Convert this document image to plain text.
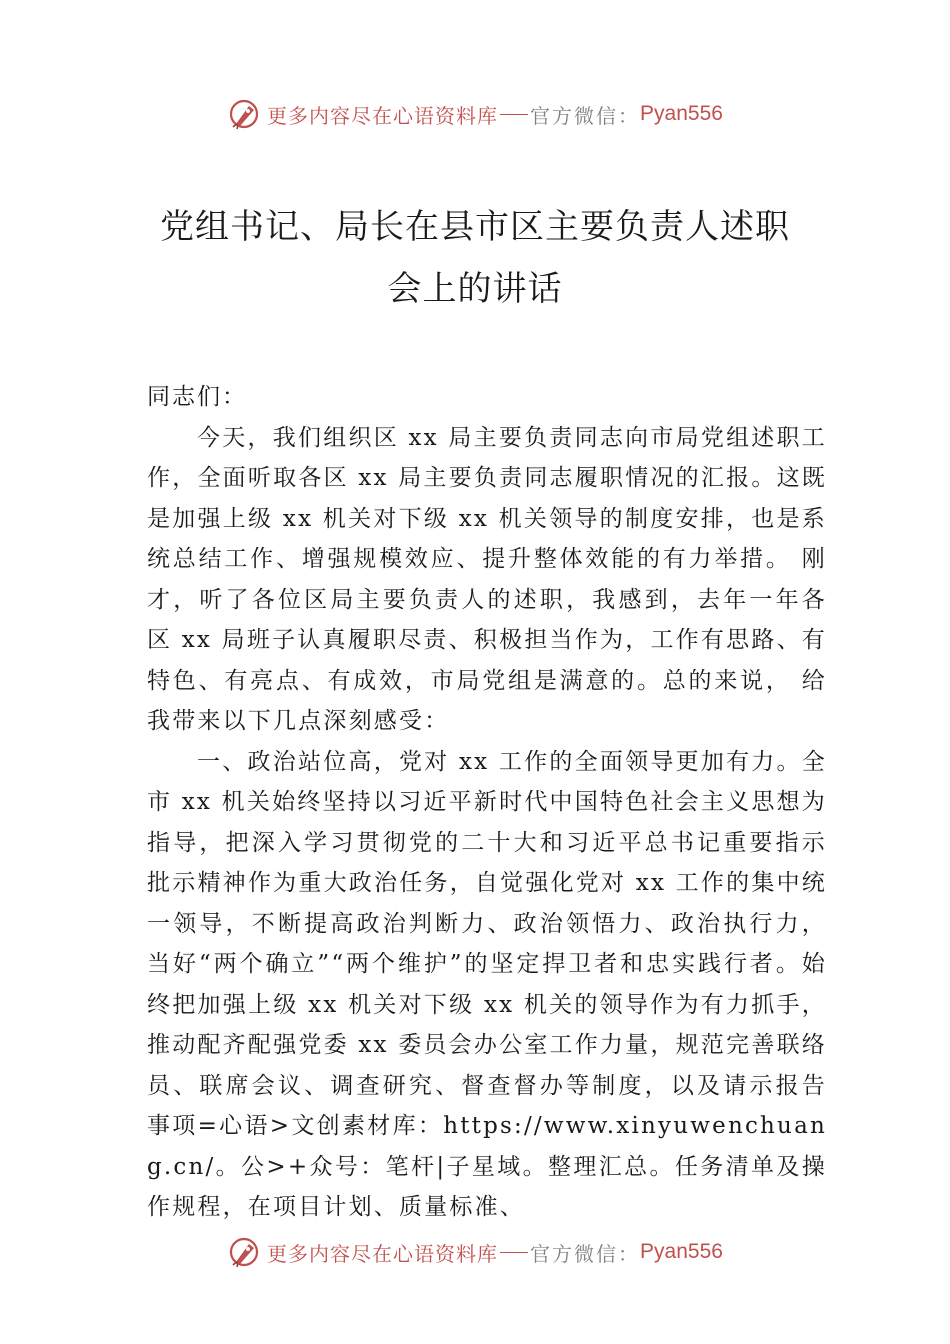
更多内容尽在心语资料库 官方微信： Pyan556
党组书记、局长在县市区主要负责人述职
会上的讲话

同志们：

今天，我们组织区 xx 局主要负责同志向市局党组述职工作，全面听取各区 xx 局主要负责同志履职情况的汇报。这既是加强上级 xx 机关对下级 xx 机关领导的制度安排，也是系统总结工作、增强规模效应、提升整体效能的有力举措。 刚才，听了各位区局主要负责人的述职，我感到，去年一年各区 xx 局班子认真履职尽责、积极担当作为，工作有思路、有特色、有亮点、有成效，市局党组是满意的。总的来说， 给我带来以下几点深刻感受：

一、政治站位高，党对 xx 工作的全面领导更加有力。全市 xx 机关始终坚持以习近平新时代中国特色社会主义思想为指导，把深入学习贯彻党的二十大和习近平总书记重要指示批示精神作为重大政治任务，自觉强化党对 xx 工作的集中统一领导，不断提高政治判断力、政治领悟力、政治执行力，当好“两个确立”“两个维护”的坚定捍卫者和忠实践行者。始终把加强上级 xx 机关对下级 xx 机关的领导作为有力抓手，推动配齐配强党委 xx 委员会办公室工作力量，规范完善联络员、联席会议、调查研究、督查督办等制度，以及请示报告事项=心语>文创素材库：https://www.xinyuwenchuang.cn/。公>+众号：笔杆|子星域。整理汇总。任务清单及操作规程，在项目计划、质量标准、

更多内容尽在心语资料库 官方微信： Pyan556
